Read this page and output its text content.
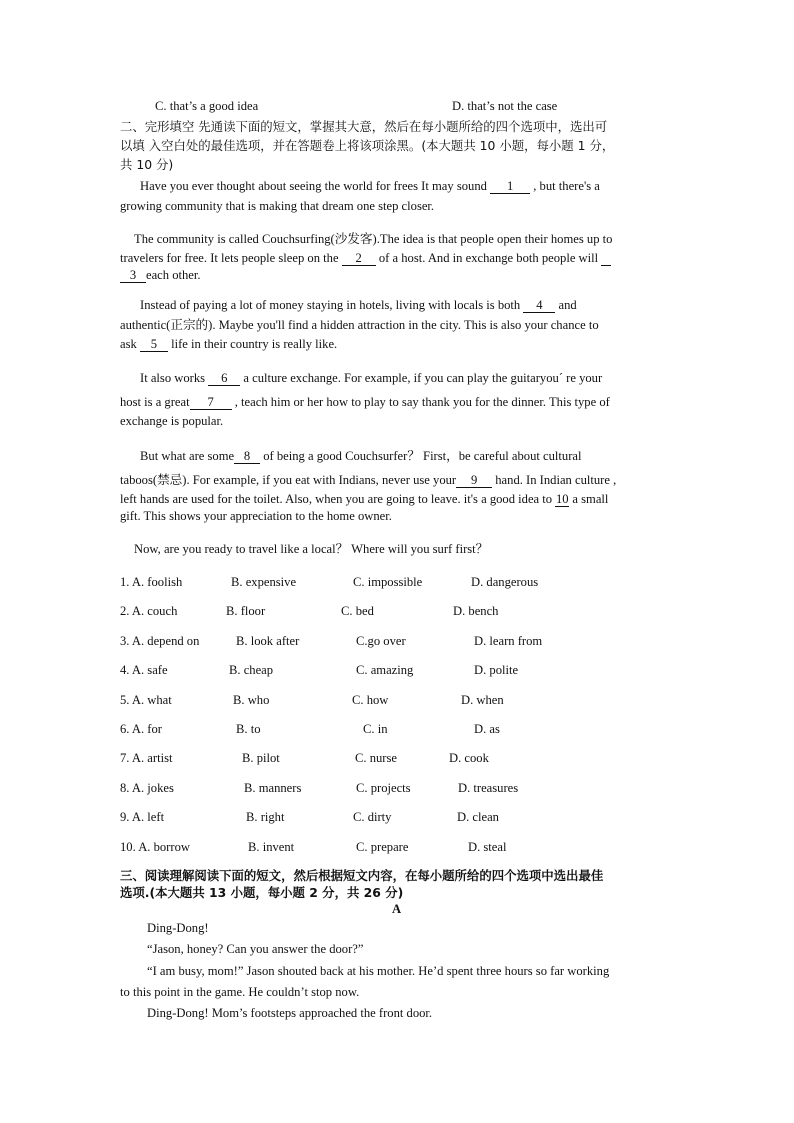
C. that’s a good idea	D. that’s not the case
二、完形填空 先通读下面的短文，掌握其大意，然后在每小题所给的四个选项中，选出可
以填 入空白处的最佳选项，并在答题卷上将该项涂黑。(本大题共 10 小题，每小题 1 分，
共 10 分)
Have you ever thought about seeing the world for frees It may sound 1 , but there's a
growing community that is making that dream one step closer.
The community is called Couchsurfing(沙发客).The idea is that people open their homes up to
travelers for free. It lets people sleep on the 2 of a host. And in exchange both people will
3 each other.
Instead of paying a lot of money staying in hotels, living with locals is both 4 and
authentic(正宗的). Maybe you'll find a hidden attraction in the city. This is also your chance to
ask 5 life in their country is really like.
It also works 6 a culture exchange. For example, if you can play the guitaryou´ re your
host is a great 7 , teach him or her how to play to say thank you for the dinner. This type of
exchange is popular.
But what are some 8 of being a good Couchsurfer？ First，be careful about cultural
taboos(禁忌). For example, if you eat with Indians, never use your 9 hand. In Indian culture ,
left hands are used for the toilet. Also, when you are going to leave. it's a good idea to 10 a small
gift. This shows your appreciation to the home owner.
Now, are you ready to travel like a local？ Where will you surf first？
1. A. foolish	B. expensive	C. impossible	D. dangerous
2. A. couch	B. floor	C. bed	D. bench
3. A. depend on	B. look after	C.go over	D. learn from
4. A. safe	B. cheap	C. amazing	D. polite
5. A. what	B. who	C. how	D. when
6. A. for	B. to	C. in	D. as
7. A. artist	B. pilot	C. nurse	D. cook
8. A. jokes	B. manners	C. projects	D. treasures
9. A. left	B. right	C. dirty	D. clean
10. A. borrow	B. invent	C. prepare	D. steal
三、阅读理解阅读下面的短文，然后根据短文内容，在每小题所给的四个选项中选出最佳
选项.(本大题共 13 小题，每小题 2 分，共 26 分)
A
Ding-Dong!
“Jason, honey? Can you answer the door?”
“I am busy, mom!” Jason shouted back at his mother. He’d spent three hours so far working
to this point in the game. He couldn’t stop now.
Ding-Dong! Mom’s footsteps approached the front door.
